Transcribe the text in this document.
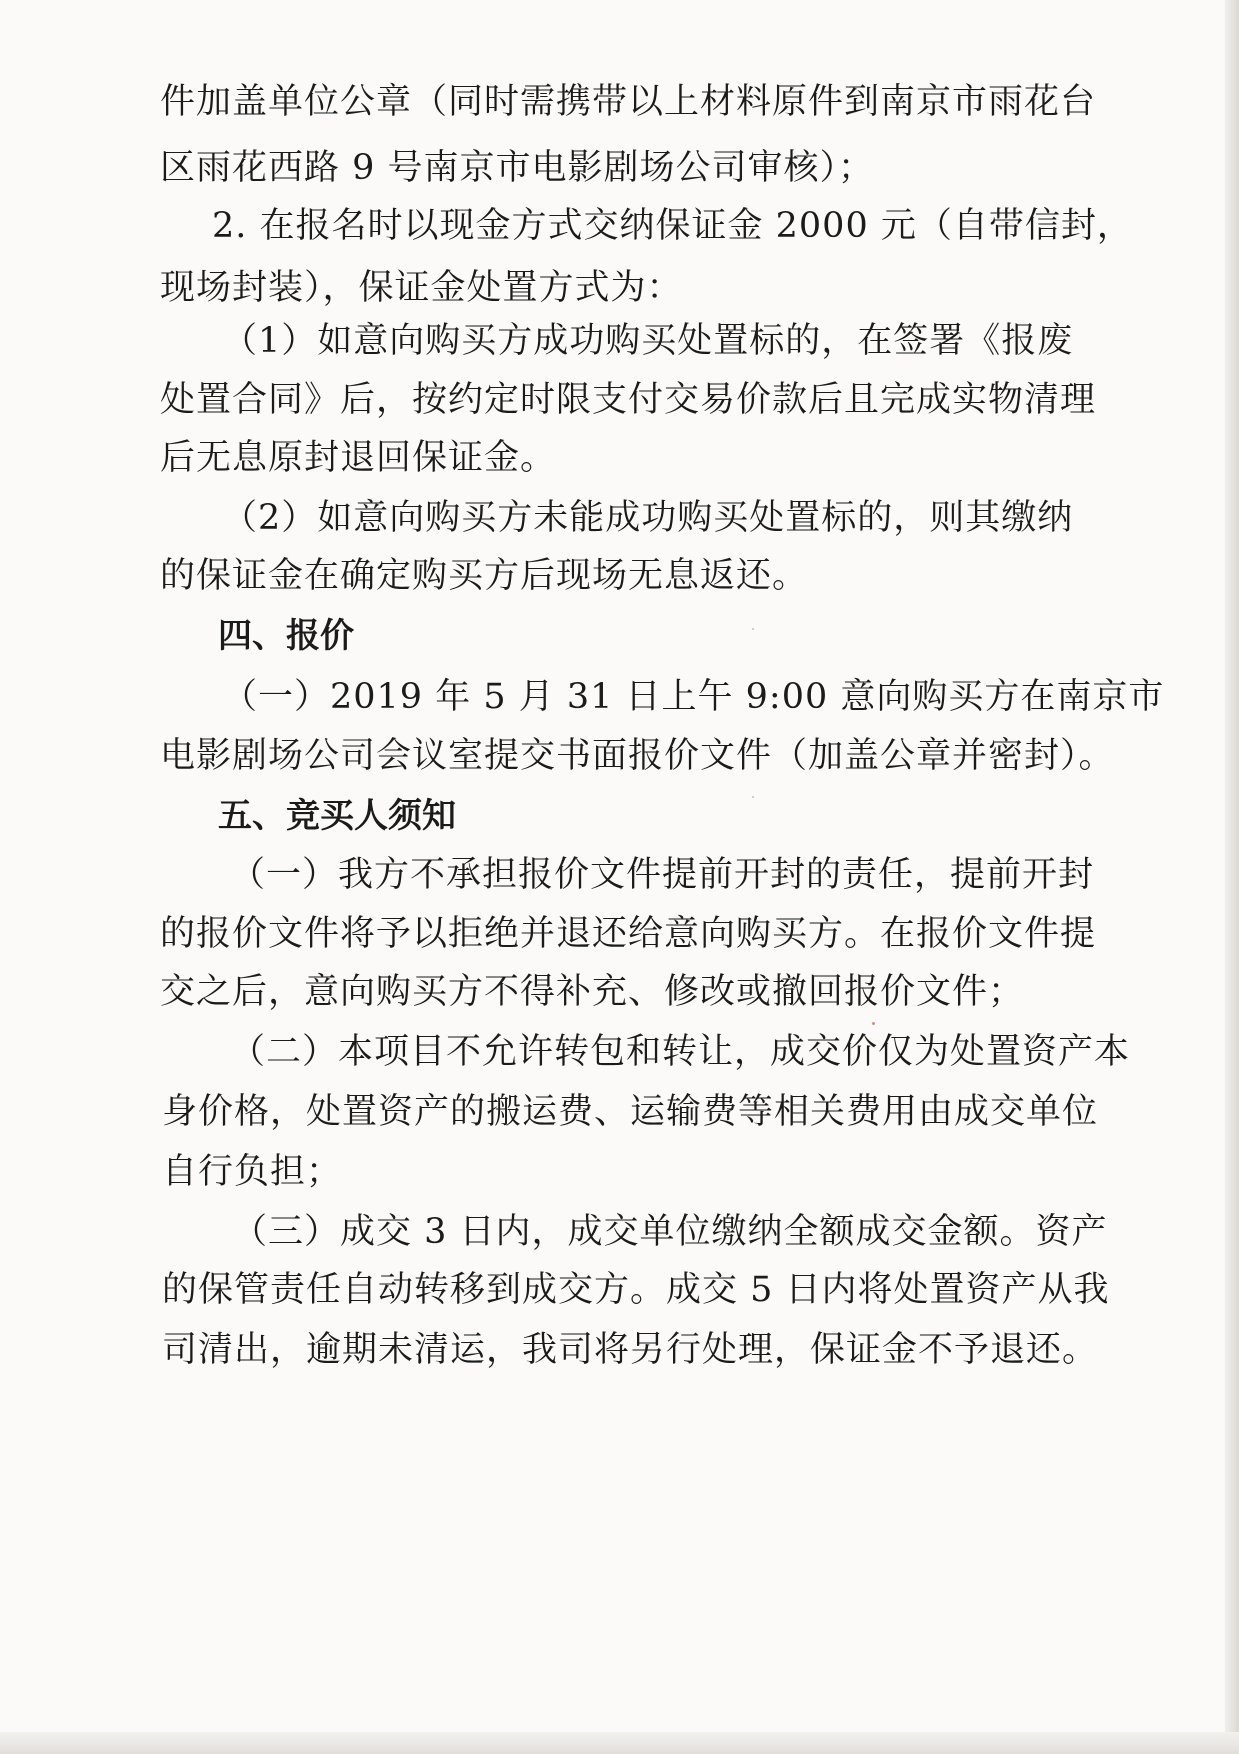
件加盖单位公章（同时需携带以上材料原件到南京市雨花台

区雨花西路 9 号南京市电影剧场公司审核）；

2. 在报名时以现金方式交纳保证金 2000 元（自带信封，

现场封装），保证金处置方式为：

（1）如意向购买方成功购买处置标的，在签署《报废

处置合同》后，按约定时限支付交易价款后且完成实物清理

后无息原封退回保证金。

（2）如意向购买方未能成功购买处置标的，则其缴纳

的保证金在确定购买方后现场无息返还。

四、报价

（一）2019 年 5 月 31 日上午 9:00 意向购买方在南京市

电影剧场公司会议室提交书面报价文件（加盖公章并密封）。

五、竞买人须知

（一）我方不承担报价文件提前开封的责任，提前开封

的报价文件将予以拒绝并退还给意向购买方。在报价文件提

交之后，意向购买方不得补充、修改或撤回报价文件；

（二）本项目不允许转包和转让，成交价仅为处置资产本

身价格，处置资产的搬运费、运输费等相关费用由成交单位

自行负担；

（三）成交 3 日内，成交单位缴纳全额成交金额。资产

的保管责任自动转移到成交方。成交 5 日内将处置资产从我

司清出，逾期未清运，我司将另行处理，保证金不予退还。
